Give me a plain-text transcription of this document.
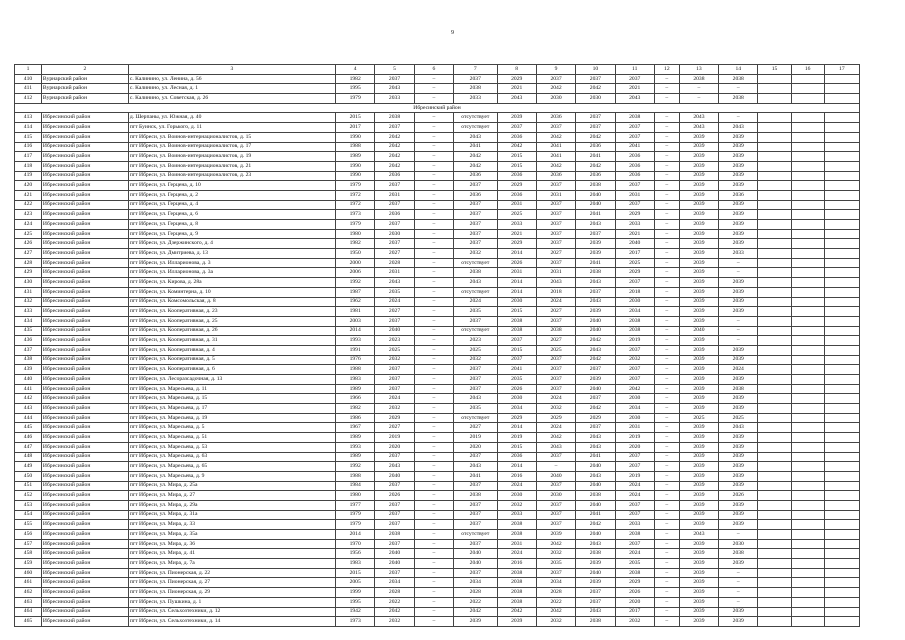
9
1	2	3	4	5	6	7	8	9	10	11	12	13	14	15	16	17
410	Вурнарский район	с. Калинино, ул. Ленина, д. 56	1982	2037	–	2037	2029	2037	2037	2037	–	2038	2038			
411	Вурнарский район	с. Калинино, ул. Лесная, д. 1	1995	2043	–	2038	2021	2042	2042	2021	–	–	–			
412	Вурнарский район	с. Калинино, ул. Советская, д. 26	1979	2033	–	2033	2043	2030	2030	2043	–	–	2038			
Ибресинский район																
413	Ибресинский район	д. Шерпаны, ул. Южная, д. 40	2015	2038	–	отсутствует	2039	2036	2037	2038	–	2043	–			
414	Ибресинский район	пгт Буинск, ул. Горького, д. 11	2017	2037	–	отсутствует	2037	2037	2037	2037	–	2043	2043			
415	Ибресинский район	пгт Ибреси, ул. Воинов-интернационалистов, д. 15	1990	2042	–	2043	2036	2042	2042	2037	–	2039	2039			
416	Ибресинский район	пгт Ибреси, ул. Воинов-интернационалистов, д. 17	1988	2042	–	2041	2042	2041	2036	2041	–	2039	2039			
417	Ибресинский район	пгт Ибреси, ул. Воинов-интернационалистов, д. 19	1989	2042	–	2042	2015	2041	2041	2036	–	2039	2039			
418	Ибресинский район	пгт Ибреси, ул. Воинов-интернационалистов, д. 21	1990	2042	–	2042	2015	2042	2042	2036	–	2039	2039			
419	Ибресинский район	пгт Ибреси, ул. Воинов-интернационалистов, д. 23	1990	2036	–	2036	2036	2036	2036	2036	–	2039	2039			
420	Ибресинский район	пгт Ибреси, ул. Герцена, д. 10	1979	2037	–	2037	2029	2037	2038	2037	–	2039	2039			
421	Ибресинский район	пгт Ибреси, ул. Герцена, д. 2	1972	2031	–	2036	2036	2031	2040	2031	–	2039	2036			
422	Ибресинский район	пгт Ибреси, ул. Герцена, д. 4	1972	2037	–	2037	2031	2037	2040	2037	–	2039	2039			
423	Ибресинский район	пгт Ибреси, ул. Герцена, д. 6	1973	2036	–	2037	2025	2037	2041	2029	–	2039	2039			
424	Ибресинский район	пгт Ибреси, ул. Герцена, д. 8	1979	2037	–	2037	2033	2037	2043	2033	–	2039	2039			
425	Ибресинский район	пгт Ибреси, ул. Герцена, д. 9	1980	2030	–	2037	2021	2037	2037	2021	–	2039	2039			
426	Ибресинский район	пгт Ибреси, ул. Дзержинского, д. 4	1982	2037	–	2037	2029	2037	2039	2040	–	2039	2039			
427	Ибресинский район	пгт Ибреси, ул. Дмитриева, д. 13	1950	2027	–	2032	2014	2027	2039	2017	–	2039	2033			
428	Ибресинский район	пгт Ибреси, ул. Илларионова, д. 3	2000	2028	–	отсутствует	2026	2037	2041	2025	–	2039	–			
429	Ибресинский район	пгт Ибреси, ул. Илларионова, д. 3а	2006	2031	–	2038	2031	2031	2038	2029	–	2039	–			
430	Ибресинский район	пгт Ибреси, ул. Кирова, д. 28а	1992	2043	–	2043	2014	2043	2043	2037	–	2039	2039			
431	Ибресинский район	пгт Ибреси, ул. Коминтерна, д. 10	1987	2035	–	отсутствует	2014	2018	2037	2018	–	2039	2039			
432	Ибресинский район	пгт Ибреси, ул. Комсомольская, д. 8	1962	2024	–	2024	2030	2024	2043	2030	–	2039	2039			
433	Ибресинский район	пгт Ибреси, ул. Кооперативная, д. 23	1981	2027	–	2035	2015	2027	2039	2034	–	2039	2039			
434	Ибресинский район	пгт Ибреси, ул. Кооперативная, д. 25	2003	2037	–	2037	2038	2037	2040	2038	–	2039	–			
435	Ибресинский район	пгт Ибреси, ул. Кооперативная, д. 26	2014	2040	–	отсутствует	2038	2038	2040	2038	–	2040	–			
436	Ибресинский район	пгт Ибреси, ул. Кооперативная, д. 31	1993	2023	–	2023	2037	2027	2042	2019	–	2039	–			
437	Ибресинский район	пгт Ибреси, ул. Кооперативная, д. 4	1991	2025	–	2025	2015	2025	2043	2037	–	2039	2039			
438	Ибресинский район	пгт Ибреси, ул. Кооперативная, д. 5	1976	2032	–	2032	2037	2037	2042	2032	–	2039	2039			
439	Ибресинский район	пгт Ибреси, ул. Кооперативная, д. 6	1988	2037	–	2037	2041	2037	2037	2037	–	2039	2024			
440	Ибресинский район	пгт Ибреси, ул. Лесоразсадочная, д. 13	1983	2037	–	2037	2035	2037	2039	2037	–	2039	2039			
441	Ибресинский район	пгт Ибреси, ул. Маресьева, д. 11	1989	2037	–	2037	2026	2037	2040	2042	–	2039	2038			
442	Ибресинский район	пгт Ибреси, ул. Маресьева, д. 15	1966	2024	–	2043	2030	2024	2037	2030	–	2039	2039			
443	Ибресинский район	пгт Ибреси, ул. Маресьева, д. 17	1982	2032	–	2035	2034	2032	2042	2034	–	2039	2039			
444	Ибресинский район	пгт Ибреси, ул. Маресьева, д. 19	1986	2029	–	отсутствует	2029	2029	2029	2030	–	2025	2025			
445	Ибресинский район	пгт Ибреси, ул. Маресьева, д. 5	1967	2027	–	2027	2014	2024	2037	2031	–	2039	2043			
446	Ибресинский район	пгт Ибреси, ул. Маресьева, д. 51	1989	2019	–	2019	2019	2042	2043	2019	–	2039	2039			
447	Ибресинский район	пгт Ибреси, ул. Маресьева, д. 53	1993	2020	–	2020	2015	2043	2043	2020	–	2039	2039			
448	Ибресинский район	пгт Ибреси, ул. Маресьева, д. 63	1989	2037	–	2037	2036	2037	2041	2037	–	2039	2039			
449	Ибресинский район	пгт Ибреси, ул. Маресьева, д. 65	1992	2043	–	2043	2014	–	2040	2037	–	2039	2039			
450	Ибресинский район	пгт Ибреси, ул. Маресьева, д. 9	1988	2040	–	2041	2016	2040	2043	2019	–	2039	2039			
451	Ибресинский район	пгт Ибреси, ул. Мира, д. 25а	1984	2037	–	2037	2024	2037	2040	2024	–	2039	2039			
452	Ибресинский район	пгт Ибреси, ул. Мира, д. 27	1980	2026	–	2038	2030	2030	2038	2024	–	2039	2026			
453	Ибресинский район	пгт Ибреси, ул. Мира, д. 29а	1977	2037	–	2037	2032	2037	2040	2037	–	2039	2039			
454	Ибресинский район	пгт Ибреси, ул. Мира, д. 31а	1979	2037	–	2037	2033	2037	2041	2037	–	2039	2039			
455	Ибресинский район	пгт Ибреси, ул. Мира, д. 33	1979	2037	–	2037	2038	2037	2042	2033	–	2039	2039			
456	Ибресинский район	пгт Ибреси, ул. Мира, д. 35а	2014	2038	–	отсутствует	2038	2039	2040	2038	–	2043	–			
457	Ибресинский район	пгт Ибреси, ул. Мира, д. 36	1970	2037	–	2037	2031	2042	2043	2037	–	2039	2030			
458	Ибресинский район	пгт Ибреси, ул. Мира, д. 41	1956	2040	–	2040	2024	2032	2038	2024	–	2039	2038			
459	Ибресинский район	пгт Ибреси, ул. Мира, д. 7а	1983	2040	–	2040	2016	2035	2039	2035	–	2039	2039			
460	Ибресинский район	пгт Ибреси, ул. Пионерская, д. 22	2015	2037	–	2037	2038	2037	2040	2038	–	2039	–			
461	Ибресинский район	пгт Ибреси, ул. Пионерская, д. 27	2005	2034	–	2034	2038	2034	2039	2029	–	2039	–			
462	Ибресинский район	пгт Ибреси, ул. Пионерская, д. 29	1999	2028	–	2028	2038	2028	2037	2026	–	2039	–			
463	Ибресинский район	пгт Ибреси, ул. Пушкина, д. 1	1995	2022	–	2022	2038	2022	2037	2020	–	2039	–			
464	Ибресинский район	пгт Ибреси, ул. Сельхозтехники, д. 12	1942	2042	–	2042	2042	2042	2043	2017	–	2039	2039			
465	Ибресинский район	пгт Ибреси, ул. Сельхозтехники, д. 14	1973	2032	–	2039	2039	2032	2038	2032	–	2039	2039			
